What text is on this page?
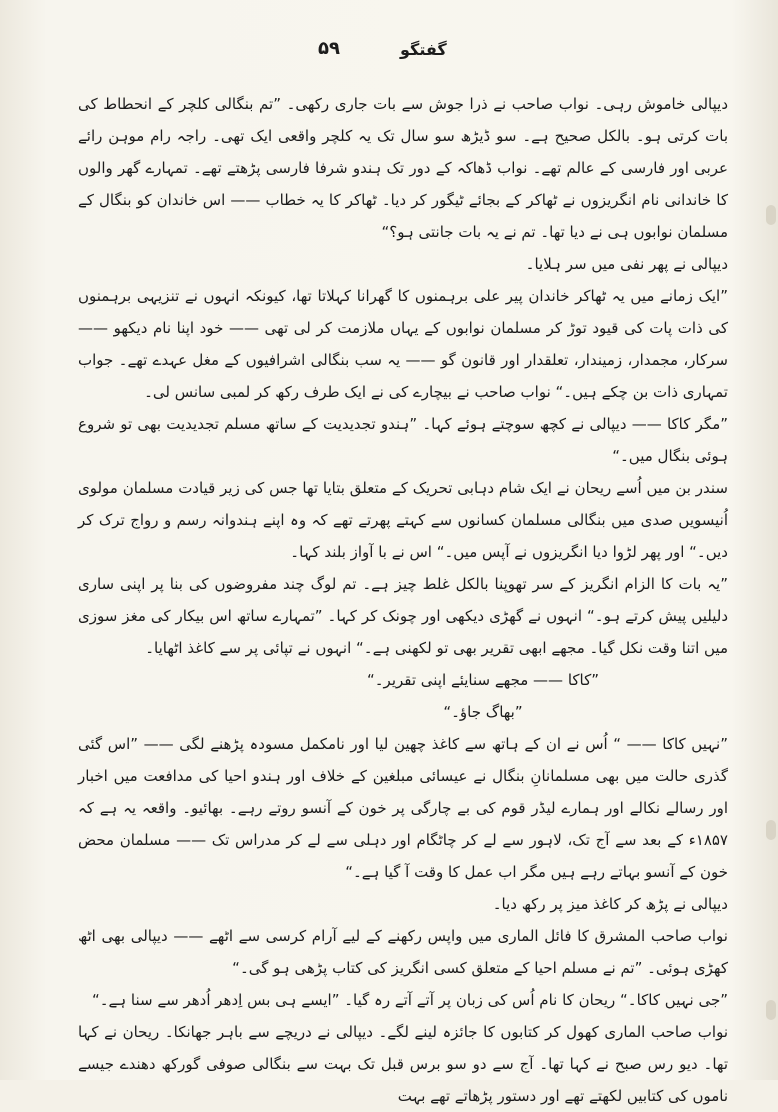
۵۹	گفتگو

دیپالی خاموش رہی۔ نواب صاحب نے ذرا جوش سے بات جاری رکھی۔ ”تم بنگالی کلچر کے انحطاط کی بات کرتی ہو۔ بالکل صحیح ہے۔ سو ڈیڑھ سو سال تک یہ کلچر واقعی ایک تھی۔ راجہ رام موہن رائے عربی اور فارسی کے عالم تھے۔ نواب ڈھاکہ کے دور تک ہندو شرفا فارسی پڑھتے تھے۔ تمہارے گھر والوں کا خاندانی نام انگریزوں نے ٹھاکر کے بجائے ٹیگور کر دیا۔ ٹھاکر کا یہ خطاب —— اس خاندان کو بنگال کے مسلمان نوابوں ہی نے دیا تھا۔ تم نے یہ بات جانتی ہو؟“

دیپالی نے پھر نفی میں سر ہلایا۔

”ایک زمانے میں یہ ٹھاکر خاندان پیر علی برہمنوں کا گھرانا کہلاتا تھا، کیونکہ انہوں نے تنزیہی برہمنوں کی ذات پات کی قیود توڑ کر مسلمان نوابوں کے یہاں ملازمت کر لی تھی —— خود اپنا نام دیکھو —— سرکار، مجمدار، زمیندار، تعلقدار اور قانون گو —— یہ سب بنگالی اشرافیوں کے مغل عہدے تھے۔ جواب تمہاری ذات بن چکے ہیں۔“ نواب صاحب نے بیچارے کی نے ایک طرف رکھ کر لمبی سانس لی۔

”مگر کاکا —— دیپالی نے کچھ سوچتے ہوئے کہا۔ ”ہندو تجدیدیت کے ساتھ مسلم تجدیدیت بھی تو شروع ہوئی بنگال میں۔“

سندر بن میں اُسے ریحان نے ایک شام دہابی تحریک کے متعلق بتایا تھا جس کی زیر قیادت مسلمان مولوی اُنیسویں صدی میں بنگالی مسلمان کسانوں سے کہتے پھرتے تھے کہ وہ اپنے ہندوانہ رسم و رواج ترک کر دیں۔“ اور پھر لڑوا دیا انگریزوں نے آپس میں۔“ اس نے با آواز بلند کہا۔

”یہ بات کا الزام انگریز کے سر تھوپنا بالکل غلط چیز ہے۔ تم لوگ چند مفروضوں کی بنا پر اپنی ساری دلیلیں پیش کرتے ہو۔“ انہوں نے گھڑی دیکھی اور چونک کر کہا۔ ”تمہارے ساتھ اس بیکار کی مغز سوزی میں اتنا وقت نکل گیا۔ مجھے ابھی تقریر بھی تو لکھنی ہے۔“ انہوں نے تپائی پر سے کاغذ اٹھایا۔

”کاکا —— مجھے سنایئے اپنی تقریر۔“

”بھاگ جاؤ۔“

”نہیں کاکا —— “ اُس نے ان کے ہاتھ سے کاغذ چھین لیا اور نامکمل مسودہ پڑھنے لگی —— ”اس گئی گذری حالت میں بھی مسلمانانِ بنگال نے عیسائی مبلغین کے خلاف اور ہندو احیا کی مدافعت میں اخبار اور رسالے نکالے اور ہمارے لیڈر قوم کی بے چارگی پر خون کے آنسو روتے رہے۔ بھائیو۔ واقعہ یہ ہے کہ ۱۸۵۷ء کے بعد سے آج تک، لاہور سے لے کر چاٹگام اور دہلی سے لے کر مدراس تک —— مسلمان محض خون کے آنسو بہاتے رہے ہیں مگر اب عمل کا وقت آ گیا ہے۔“

دیپالی نے پڑھ کر کاغذ میز پر رکھ دیا۔

نواب صاحب المشرق کا فائل الماری میں واپس رکھنے کے لیے آرام کرسی سے اٹھے —— دیپالی بھی اٹھ کھڑی ہوئی۔ ”تم نے مسلم احیا کے متعلق کسی انگریز کی کتاب پڑھی ہو گی۔“

”جی نہیں کاکا۔“ ریحان کا نام اُس کی زبان پر آتے آتے رہ گیا۔ ”ایسے ہی بس اِدھر اُدھر سے سنا ہے۔“

نواب صاحب الماری کھول کر کتابوں کا جائزہ لینے لگے۔ دیپالی نے دریچے سے باہر جھانکا۔ ریحان نے کہا تھا۔ دیو رس صبح نے کہا تھا۔ آج سے دو سو برس قبل تک بہت سے بنگالی صوفی گورکھ دھندے جیسے ناموں کی کتابیں لکھتے تھے اور دستور پڑھاتے تھے بہت
